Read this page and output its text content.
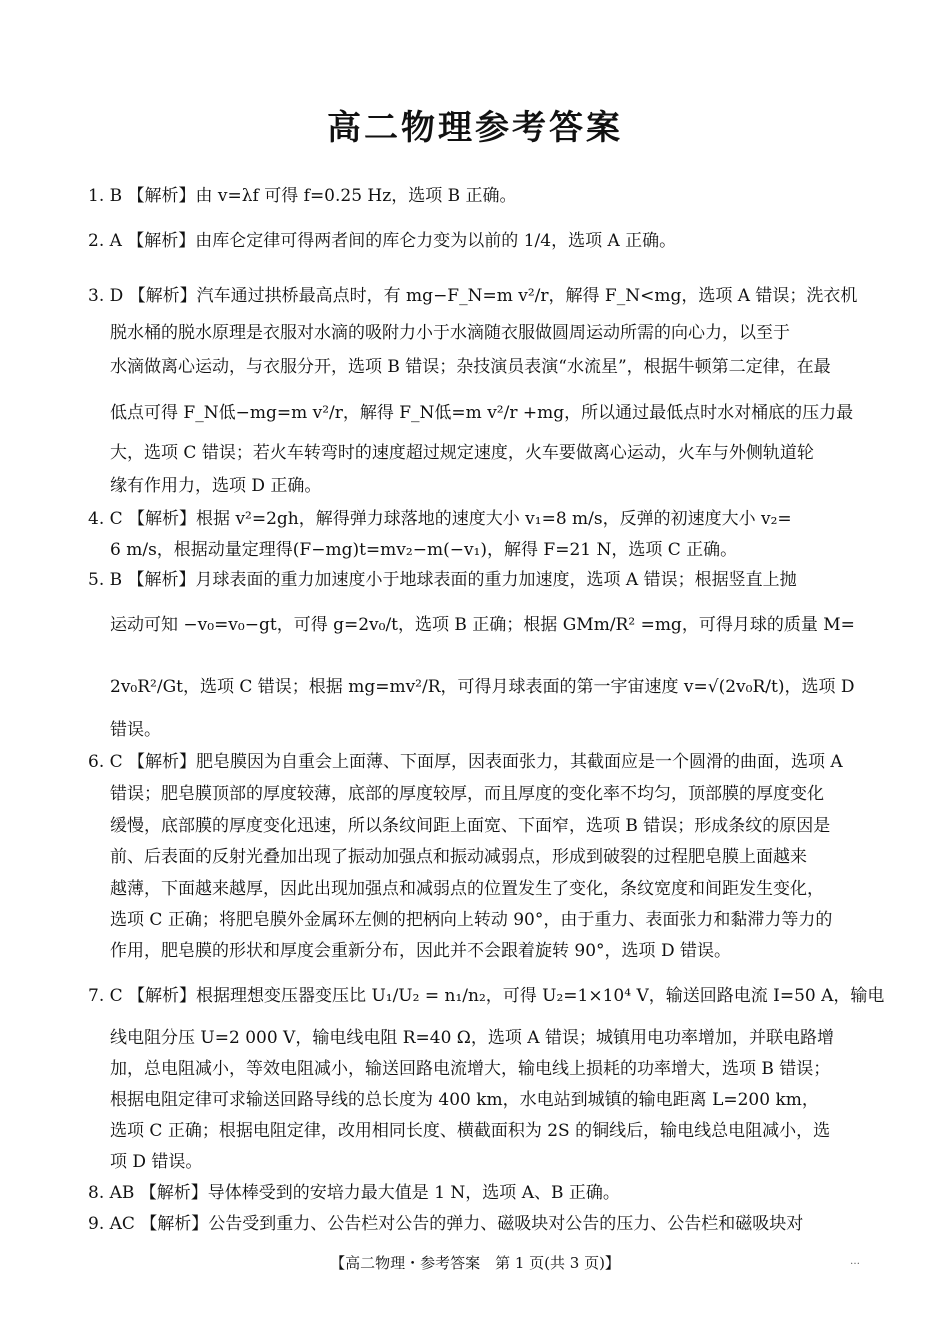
高二物理参考答案
1. B 【解析】由 v=λf 可得 f=0.25 Hz，选项 B 正确。
2. A 【解析】由库仑定律可得两者间的库仑力变为以前的 1/4，选项 A 正确。
3. D 【解析】汽车通过拱桥最高点时，有 mg−F_N=m v²/r，解得 F_N<mg，选项 A 错误；洗衣机
脱水桶的脱水原理是衣服对水滴的吸附力小于水滴随衣服做圆周运动所需的向心力，以至于
水滴做离心运动，与衣服分开，选项 B 错误；杂技演员表演“水流星”，根据牛顿第二定律，在最
低点可得 F_N低−mg=m v²/r，解得 F_N低=m v²/r +mg，所以通过最低点时水对桶底的压力最
大，选项 C 错误；若火车转弯时的速度超过规定速度，火车要做离心运动，火车与外侧轨道轮
缘有作用力，选项 D 正确。
4. C 【解析】根据 v²=2gh，解得弹力球落地的速度大小 v₁=8 m/s，反弹的初速度大小 v₂=
6 m/s，根据动量定理得(F−mg)t=mv₂−m(−v₁)，解得 F=21 N，选项 C 正确。
5. B 【解析】月球表面的重力加速度小于地球表面的重力加速度，选项 A 错误；根据竖直上抛
运动可知 −v₀=v₀−gt，可得 g=2v₀/t，选项 B 正确；根据 GMm/R² =mg，可得月球的质量 M=
2v₀R²/Gt，选项 C 错误；根据 mg=mv²/R，可得月球表面的第一宇宙速度 v=√(2v₀R/t)，选项 D
错误。
6. C 【解析】肥皂膜因为自重会上面薄、下面厚，因表面张力，其截面应是一个圆滑的曲面，选项 A
错误；肥皂膜顶部的厚度较薄，底部的厚度较厚，而且厚度的变化率不均匀，顶部膜的厚度变化
缓慢，底部膜的厚度变化迅速，所以条纹间距上面宽、下面窄，选项 B 错误；形成条纹的原因是
前、后表面的反射光叠加出现了振动加强点和振动减弱点，形成到破裂的过程肥皂膜上面越来
越薄，下面越来越厚，因此出现加强点和减弱点的位置发生了变化，条纹宽度和间距发生变化，
选项 C 正确；将肥皂膜外金属环左侧的把柄向上转动 90°，由于重力、表面张力和黏滞力等力的
作用，肥皂膜的形状和厚度会重新分布，因此并不会跟着旋转 90°，选项 D 错误。
7. C 【解析】根据理想变压器变压比 U₁/U₂ = n₁/n₂，可得 U₂=1×10⁴ V，输送回路电流 I=50 A，输电
线电阻分压 U=2 000 V，输电线电阻 R=40 Ω，选项 A 错误；城镇用电功率增加，并联电路增
加，总电阻减小，等效电阻减小，输送回路电流增大，输电线上损耗的功率增大，选项 B 错误；
根据电阻定律可求输送回路导线的总长度为 400 km，水电站到城镇的输电距离 L=200 km，
选项 C 正确；根据电阻定律，改用相同长度、横截面积为 2S 的铜线后，输电线总电阻减小，选
项 D 错误。
8. AB 【解析】导体棒受到的安培力最大值是 1 N，选项 A、B 正确。
9. AC 【解析】公告受到重力、公告栏对公告的弹力、磁吸块对公告的压力、公告栏和磁吸块对
【高二物理・参考答案　第 1 页(共 3 页)】	…
